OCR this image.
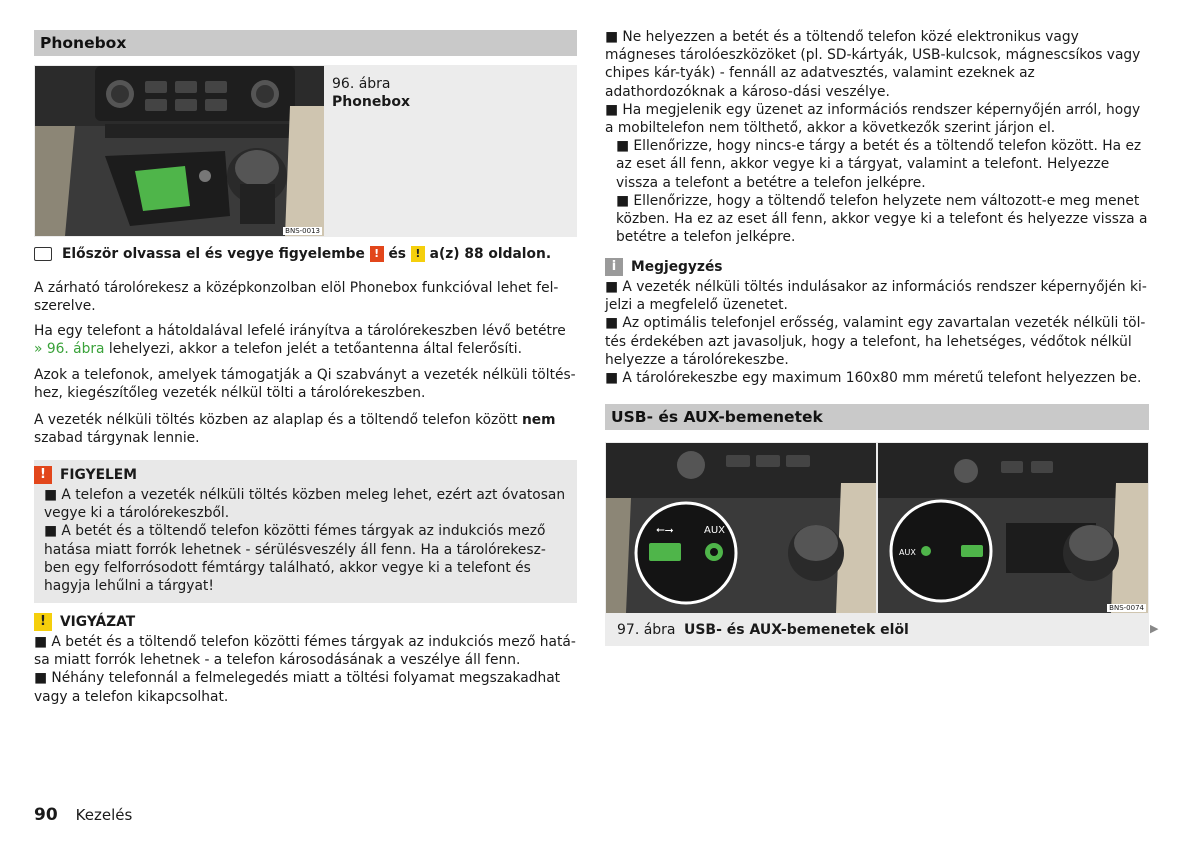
Phonebox
BNS-0013
96. ábra
Phonebox
Először olvassa el és vegye figyelembe ! és ! a(z) 88 oldalon.

A zárható tárolórekesz a középkonzolban elöl Phonebox funkcióval lehet fel-szerelve.

Ha egy telefont a hátoldalával lefelé irányítva a tárolórekeszben lévő betétre » 96. ábra lehelyezi, akkor a telefon jelét a tetőantenna által felerősíti.

Azok a telefonok, amelyek támogatják a Qi szabványt a vezeték nélküli töltés-hez, kiegészítőleg vezeték nélkül tölti a tárolórekeszben.

A vezeték nélküli töltés közben az alaplap és a töltendő telefon között nem szabad tárgynak lennie.

! FIGYELEM
■ A telefon a vezeték nélküli töltés közben meleg lehet, ezért azt óvatosan vegye ki a tárolórekeszből.
■ A betét és a töltendő telefon közötti fémes tárgyak az indukciós mező hatása miatt forrók lehetnek - sérülésveszély áll fenn. Ha a tárolórekesz-ben egy felforrósodott fémtárgy található, akkor vegye ki a telefont és hagyja lehűlni a tárgyat!
! VIGYÁZAT
■ A betét és a töltendő telefon közötti fémes tárgyak az indukciós mező hatá-sa miatt forrók lehetnek - a telefon károsodásának a veszélye áll fenn.
■ Néhány telefonnál a felmelegedés miatt a töltési folyamat megszakadhat vagy a telefon kikapcsolhat.
■ Ne helyezzen a betét és a töltendő telefon közé elektronikus vagy mágneses tárolóeszközöket (pl. SD-kártyák, USB-kulcsok, mágnescsíkos vagy chipes kár-tyák) - fennáll az adatvesztés, valamint ezeknek az adathordozóknak a károso-dási veszélye.
■ Ha megjelenik egy üzenet az információs rendszer képernyőjén arról, hogy a mobiltelefon nem tölthető, akkor a következők szerint járjon el.
■ Ellenőrizze, hogy nincs-e tárgy a betét és a töltendő telefon között. Ha ez az eset áll fenn, akkor vegye ki a tárgyat, valamint a telefont. Helyezze vissza a telefont a betétre a telefon jelképre.
■ Ellenőrizze, hogy a töltendő telefon helyzete nem változott-e meg menet közben. Ha ez az eset áll fenn, akkor vegye ki a telefont és helyezze vissza a betétre a telefon jelképre.
i Megjegyzés
■ A vezeték nélküli töltés indulásakor az információs rendszer képernyőjén ki-jelzi a megfelelő üzenetet.
■ Az optimális telefonjel erősség, valamint egy zavartalan vezeték nélküli töl-tés érdekében azt javasoljuk, hogy a telefont, ha lehetséges, védőtok nélkül helyezze a tárolórekeszbe.
■ A tárolórekeszbe egy maximum 160x80 mm méretű telefont helyezzen be.
USB- és AUX-bemenetek
⭠⭢	AUX
AUX
BNS-0074
97. ábra USB- és AUX-bemenetek elöl	▶
90 Kezelés
